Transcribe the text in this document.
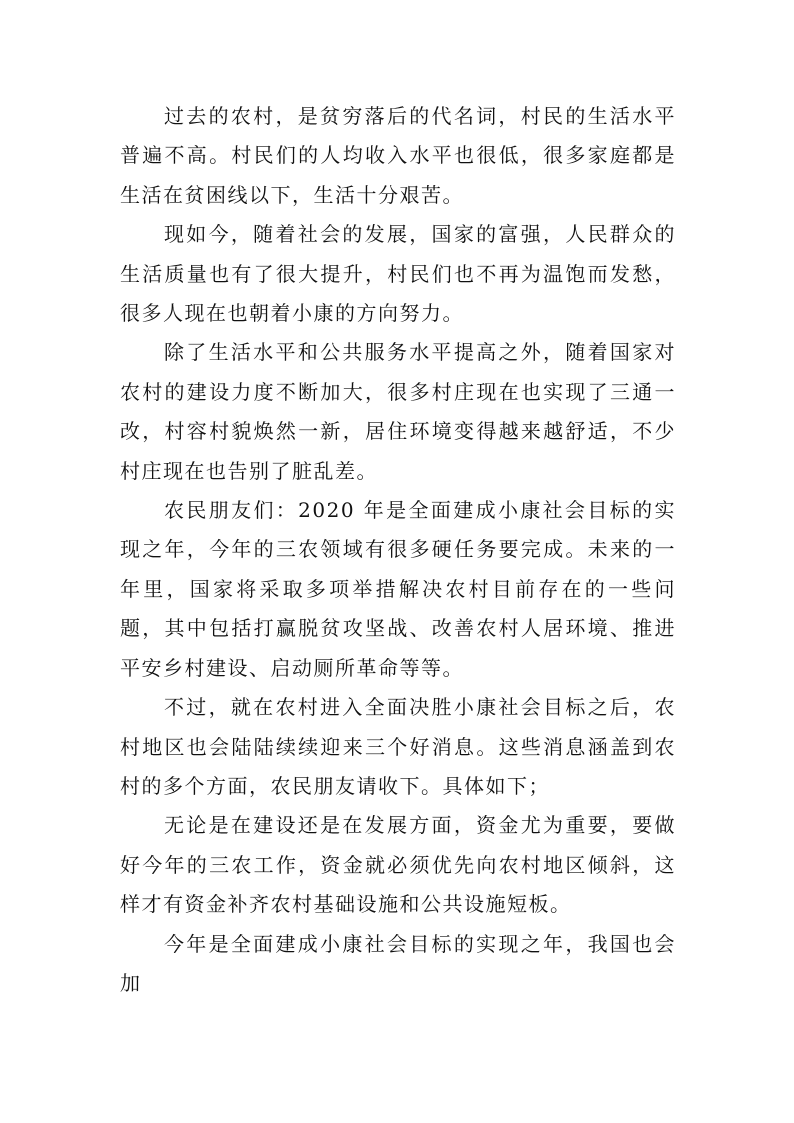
过去的农村，是贫穷落后的代名词，村民的生活水平普遍不高。村民们的人均收入水平也很低，很多家庭都是生活在贫困线以下，生活十分艰苦。

现如今，随着社会的发展，国家的富强，人民群众的生活质量也有了很大提升，村民们也不再为温饱而发愁，很多人现在也朝着小康的方向努力。

除了生活水平和公共服务水平提高之外，随着国家对农村的建设力度不断加大，很多村庄现在也实现了三通一改，村容村貌焕然一新，居住环境变得越来越舒适，不少村庄现在也告别了脏乱差。

农民朋友们：2020 年是全面建成小康社会目标的实现之年，今年的三农领域有很多硬任务要完成。未来的一年里，国家将采取多项举措解决农村目前存在的一些问题，其中包括打赢脱贫攻坚战、改善农村人居环境、推进平安乡村建设、启动厕所革命等等。

不过，就在农村进入全面决胜小康社会目标之后，农村地区也会陆陆续续迎来三个好消息。这些消息涵盖到农村的多个方面，农民朋友请收下。具体如下；

无论是在建设还是在发展方面，资金尤为重要，要做好今年的三农工作，资金就必须优先向农村地区倾斜，这样才有资金补齐农村基础设施和公共设施短板。

今年是全面建成小康社会目标的实现之年，我国也会加
